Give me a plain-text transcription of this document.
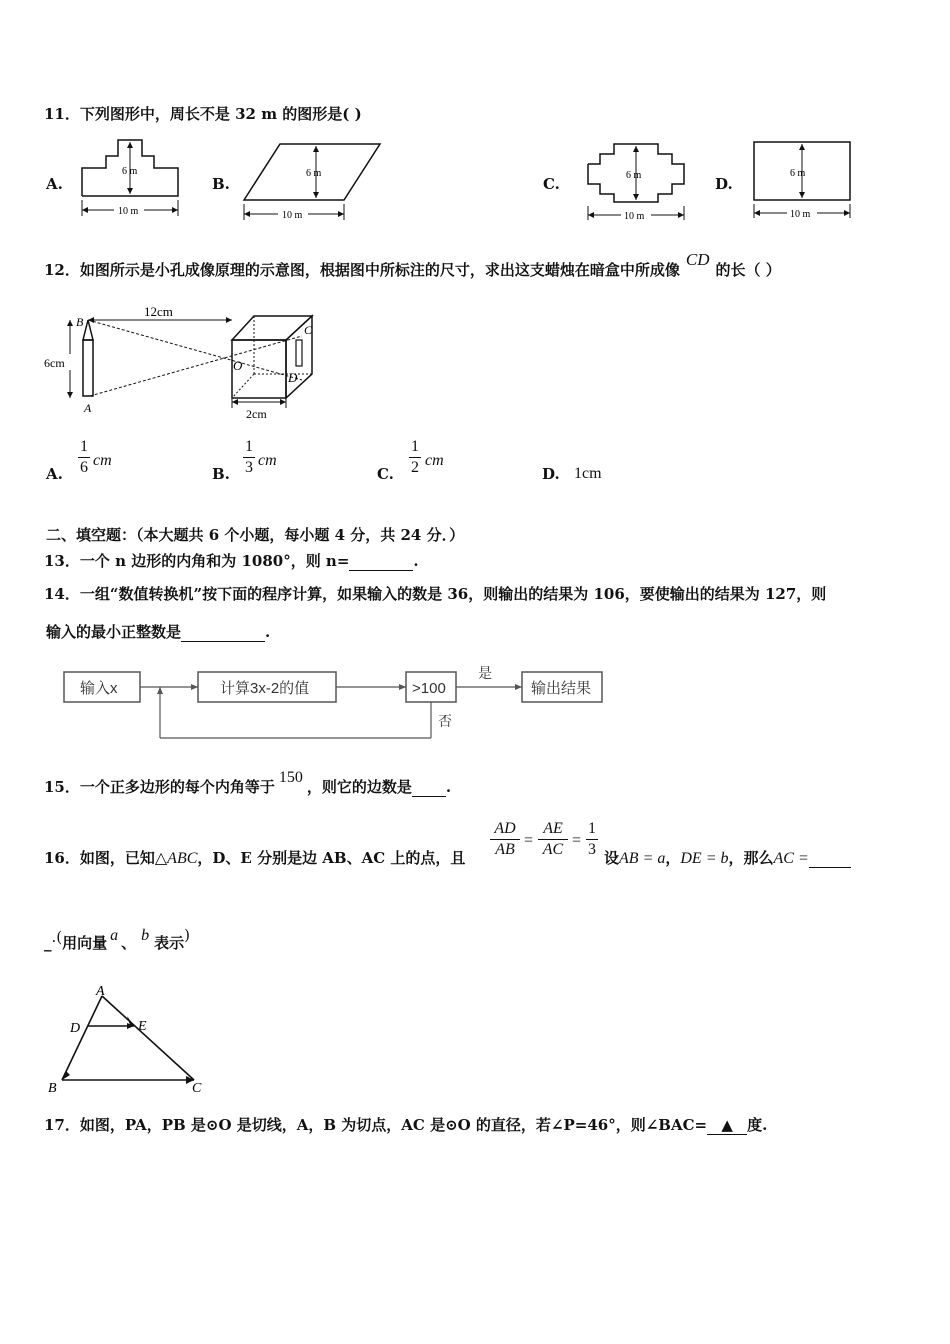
11．下列图形中，周长不是 32 m 的图形是( )
A.	B.	C.	D.
6 m
10 m
6 m
10 m
6 m
10 m
6 m
10 m
12．如图所示是小孔成像原理的示意图，根据图中所标注的尺寸，求出这支蜡烛在暗盒中所成像CD的长（ ）
6cm
B
A
12cm
O
C
D
2cm
A.
1
6 cm
B.
1
3 cm
C.
1
2 cm
D. 1cm
二、填空题：（本大题共 6 个小题，每小题 4 分，共 24 分．）
13．一个 n 边形的内角和为 1080°，则 n=	.
14．一组“数值转换机”按下面的程序计算，如果输入的数是 36，则输出的结果为 106，要使输出的结果为 127，则
输入的最小正整数是	.
输入x	计算3x-2的值	>100
是
输出结果
否
15．一个正多边形的每个内角等于150，则它的边数是 .
16．如图，已知△ABC，D、E 分别是边 AB、AC 上的点，且
AD
AB
=
AE
AC
=
1
3 设AB = a，DE = b，那么AC =
_.(用向量 a 、 b 表示)
A
D	E
B	C
17．如图，PA，PB 是⊙O 是切线，A，B 为切点，AC 是⊙O 的直径，若∠P=46°，则∠BAC= ▲ 度.
